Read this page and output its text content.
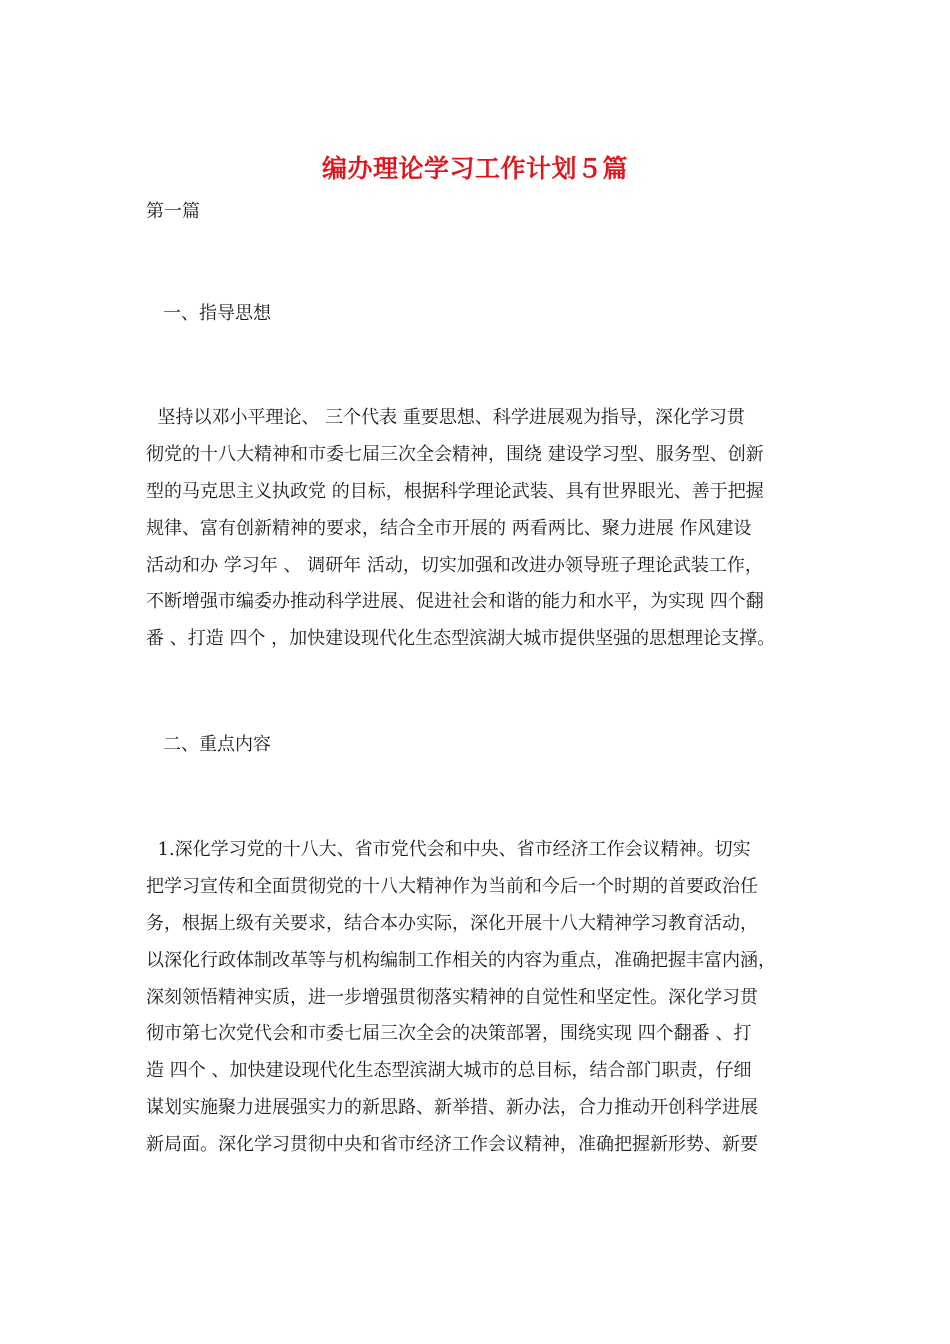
编办理论学习工作计划５篇
第一篇
一、指导思想
坚持以邓小平理论、 三个代表 重要思想、科学进展观为指导，深化学习贯
彻党的十八大精神和市委七届三次全会精神，围绕 建设学习型、服务型、创新
型的马克思主义执政党 的目标，根据科学理论武装、具有世界眼光、善于把握
规律、富有创新精神的要求，结合全市开展的 两看两比、聚力进展 作风建设
活动和办 学习年 、 调研年 活动，切实加强和改进办领导班子理论武装工作，
不断增强市编委办推动科学进展、促进社会和谐的能力和水平，为实现 四个翻
番 、打造 四个 ，加快建设现代化生态型滨湖大城市提供坚强的思想理论支撑。
二、重点内容
1.深化学习党的十八大、省市党代会和中央、省市经济工作会议精神。切实
把学习宣传和全面贯彻党的十八大精神作为当前和今后一个时期的首要政治任
务，根据上级有关要求，结合本办实际，深化开展十八大精神学习教育活动，
以深化行政体制改革等与机构编制工作相关的内容为重点，准确把握丰富内涵，
深刻领悟精神实质，进一步增强贯彻落实精神的自觉性和坚定性。深化学习贯
彻市第七次党代会和市委七届三次全会的决策部署，围绕实现 四个翻番 、打
造 四个 、加快建设现代化生态型滨湖大城市的总目标，结合部门职责，仔细
谋划实施聚力进展强实力的新思路、新举措、新办法，合力推动开创科学进展
新局面。深化学习贯彻中央和省市经济工作会议精神，准确把握新形势、新要
